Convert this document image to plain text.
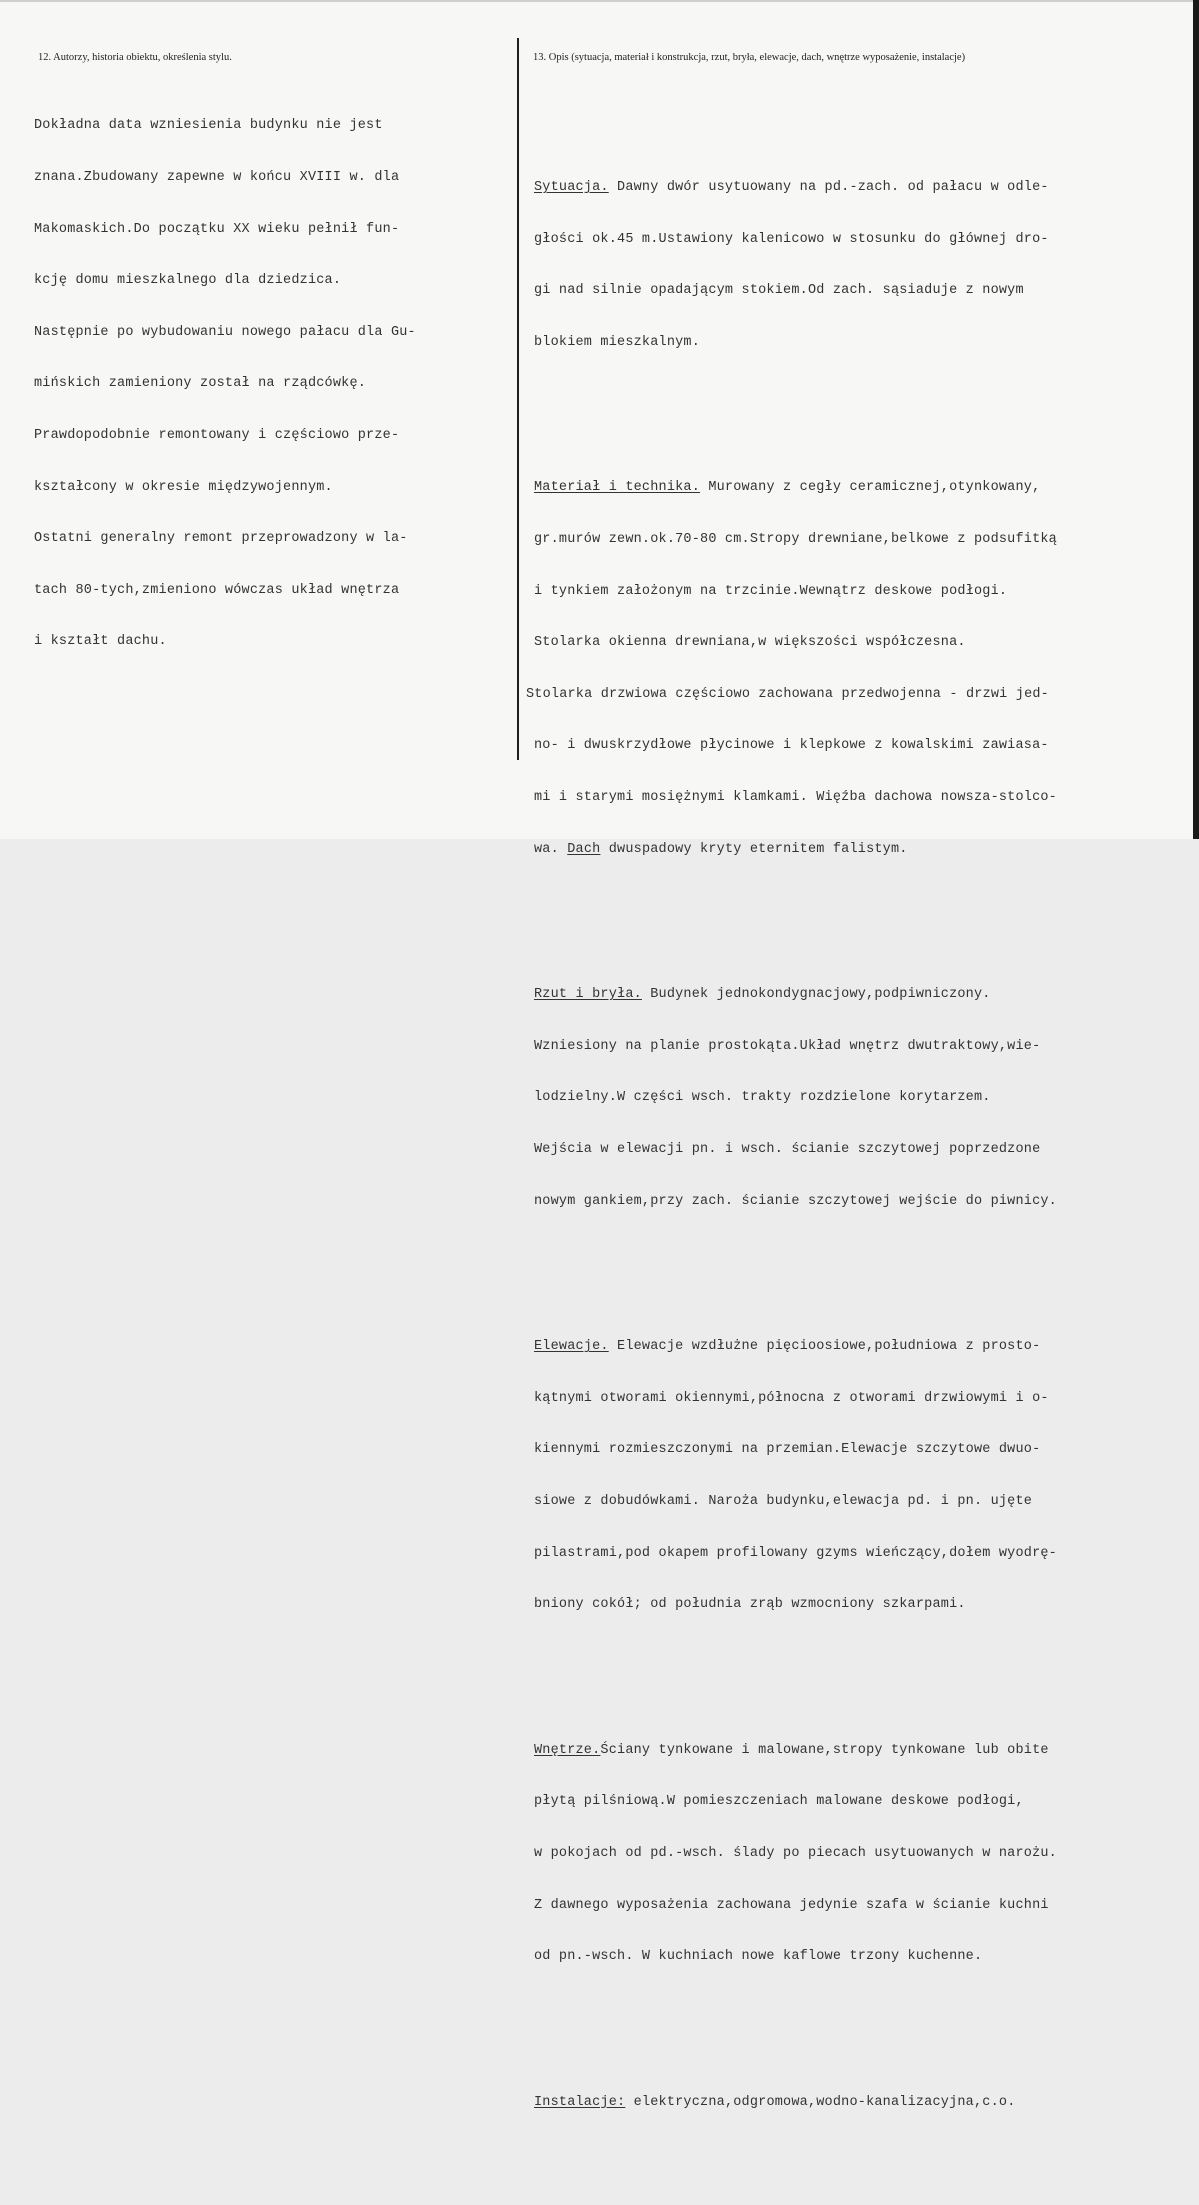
12. Autorzy, historia obiektu, określenia stylu.	13. Opis (sytuacja, materiał i konstrukcja, rzut, bryła, elewacje, dach, wnętrze wyposażenie, instalacje)

Dokładna data wzniesienia budynku nie jest

znana.Zbudowany zapewne w końcu XVIII w. dla

Makomaskich.Do początku XX wieku pełnił fun-

kcję domu mieszkalnego dla dziedzica.

Następnie po wybudowaniu nowego pałacu dla Gu-

mińskich zamieniony został na rządcówkę.

Prawdopodobnie remontowany i częściowo prze-

kształcony w okresie międzywojennym.

Ostatni generalny remont przeprowadzony w la-

tach 80-tych,zmieniono wówczas układ wnętrza

i kształt dachu.

Sytuacja. Dawny dwór usytuowany na pd.-zach. od pałacu w odle-

głości ok.45 m.Ustawiony kalenicowo w stosunku do głównej dro-

gi nad silnie opadającym stokiem.Od zach. sąsiaduje z nowym

blokiem mieszkalnym.

Materiał i technika. Murowany z cegły ceramicznej,otynkowany,

gr.murów zewn.ok.70-80 cm.Stropy drewniane,belkowe z podsufitką

i tynkiem założonym na trzcinie.Wewnątrz deskowe podłogi.

Stolarka okienna drewniana,w większości współczesna.

Stolarka drzwiowa częściowo zachowana przedwojenna - drzwi jed-

no- i dwuskrzydłowe płycinowe i klepkowe z kowalskimi zawiasa-

mi i starymi mosiężnymi klamkami. Więźba dachowa nowsza-stolco-

wa. Dach dwuspadowy kryty eternitem falistym.

Rzut i bryła. Budynek jednokondygnacjowy,podpiwniczony.

Wzniesiony na planie prostokąta.Układ wnętrz dwutraktowy,wie-

lodzielny.W części wsch. trakty rozdzielone korytarzem.

Wejścia w elewacji pn. i wsch. ścianie szczytowej poprzedzone

nowym gankiem,przy zach. ścianie szczytowej wejście do piwnicy.

Elewacje. Elewacje wzdłużne pięcioosiowe,południowa z prosto-

kątnymi otworami okiennymi,północna z otworami drzwiowymi i o-

kiennymi rozmieszczonymi na przemian.Elewacje szczytowe dwuo-

siowe z dobudówkami. Naroża budynku,elewacja pd. i pn. ujęte

pilastrami,pod okapem profilowany gzyms wieńczący,dołem wyodrę-

bniony cokół; od południa zrąb wzmocniony szkarpami.

Wnętrze.Ściany tynkowane i malowane,stropy tynkowane lub obite

płytą pilśniową.W pomieszczeniach malowane deskowe podłogi,

w pokojach od pd.-wsch. ślady po piecach usytuowanych w narożu.

Z dawnego wyposażenia zachowana jedynie szafa w ścianie kuchni

od pn.-wsch. W kuchniach nowe kaflowe trzony kuchenne.

Instalacje: elektryczna,odgromowa,wodno-kanalizacyjna,c.o.
